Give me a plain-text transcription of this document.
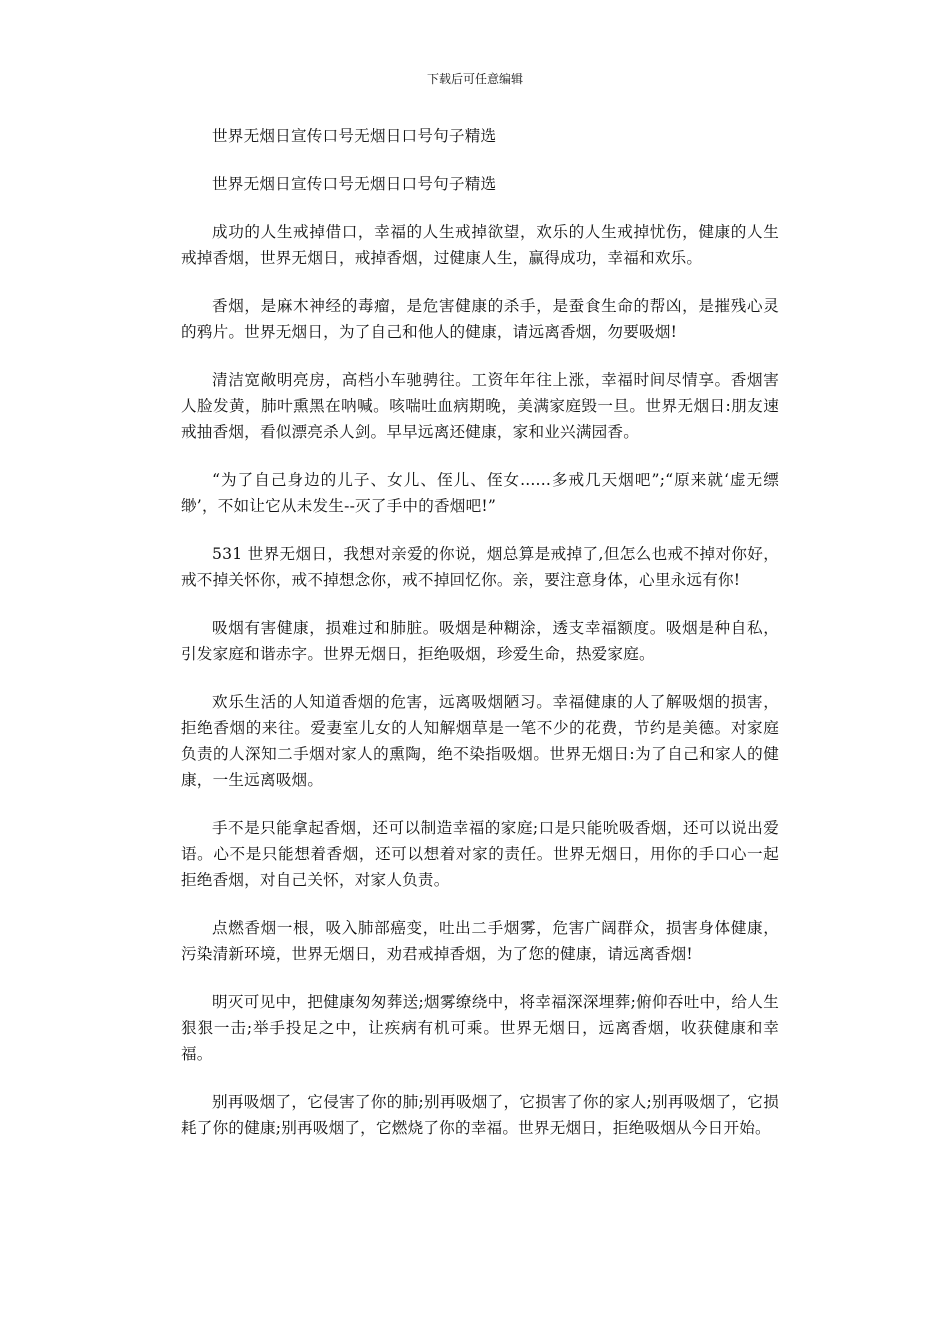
下载后可任意编辑

世界无烟日宣传口号无烟日口号句子精选

世界无烟日宣传口号无烟日口号句子精选

成功的人生戒掉借口，幸福的人生戒掉欲望，欢乐的人生戒掉忧伤，健康的人生戒掉香烟，世界无烟日，戒掉香烟，过健康人生，赢得成功，幸福和欢乐。

香烟，是麻木神经的毒瘤，是危害健康的杀手，是蚕食生命的帮凶，是摧残心灵的鸦片。世界无烟日，为了自己和他人的健康，请远离香烟，勿要吸烟!

清洁宽敞明亮房，高档小车驰骋往。工资年年往上涨，幸福时间尽情享。香烟害人脸发黄，肺叶熏黑在呐喊。咳喘吐血病期晚，美满家庭毁一旦。世界无烟日:朋友速戒抽香烟，看似漂亮杀人剑。早早远离还健康，家和业兴满园香。

“为了自己身边的儿子、女儿、侄儿、侄女......多戒几天烟吧”;“原来就‘虚无缥缈’，不如让它从未发生--灭了手中的香烟吧!”

531 世界无烟日，我想对亲爱的你说，烟总算是戒掉了,但怎么也戒不掉对你好，戒不掉关怀你，戒不掉想念你，戒不掉回忆你。亲，要注意身体，心里永远有你!

吸烟有害健康，损难过和肺脏。吸烟是种糊涂，透支幸福额度。吸烟是种自私，引发家庭和谐赤字。世界无烟日，拒绝吸烟，珍爱生命，热爱家庭。

欢乐生活的人知道香烟的危害，远离吸烟陋习。幸福健康的人了解吸烟的损害，拒绝香烟的来往。爱妻室儿女的人知解烟草是一笔不少的花费，节约是美德。对家庭负责的人深知二手烟对家人的熏陶，绝不染指吸烟。世界无烟日:为了自己和家人的健康，一生远离吸烟。

手不是只能拿起香烟，还可以制造幸福的家庭;口是只能吮吸香烟，还可以说出爱语。心不是只能想着香烟，还可以想着对家的责任。世界无烟日，用你的手口心一起拒绝香烟，对自己关怀，对家人负责。

点燃香烟一根，吸入肺部癌变，吐出二手烟雾，危害广阔群众，损害身体健康，污染清新环境，世界无烟日，劝君戒掉香烟，为了您的健康，请远离香烟!

明灭可见中，把健康匆匆葬送;烟雾缭绕中，将幸福深深埋葬;俯仰吞吐中，给人生狠狠一击;举手投足之中，让疾病有机可乘。世界无烟日，远离香烟，收获健康和幸福。

别再吸烟了，它侵害了你的肺;别再吸烟了，它损害了你的家人;别再吸烟了，它损耗了你的健康;别再吸烟了，它燃烧了你的幸福。世界无烟日，拒绝吸烟从今日开始。
